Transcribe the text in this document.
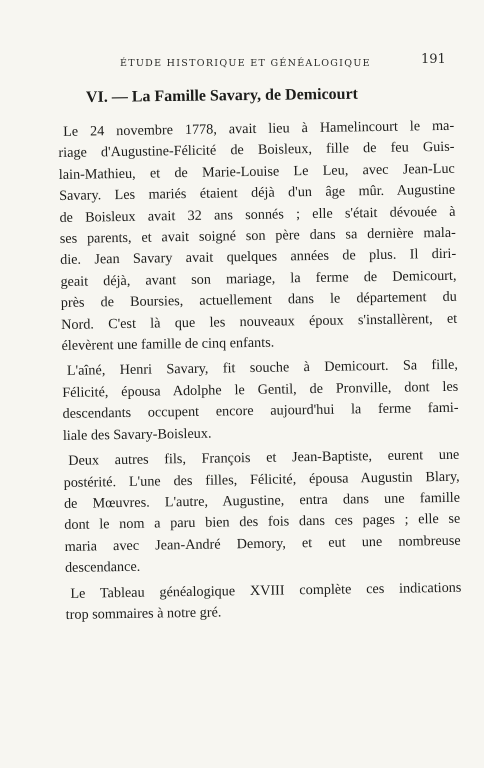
ÉTUDE HISTORIQUE ET GÉNÉALOGIQUE	191
VI. — La Famille Savary, de Demicourt
Le 24 novembre 1778, avait lieu à Hamelincourt le ma-
riage d'Augustine-Félicité de Boisleux, fille de feu Guis-
lain-Mathieu, et de Marie-Louise Le Leu, avec Jean-Luc
Savary. Les mariés étaient déjà d'un âge mûr. Augustine
de Boisleux avait 32 ans sonnés ; elle s'était dévouée à
ses parents, et avait soigné son père dans sa dernière mala-
die. Jean Savary avait quelques années de plus. Il diri-
geait déjà, avant son mariage, la ferme de Demicourt,
près de Boursies, actuellement dans le département du
Nord. C'est là que les nouveaux époux s'installèrent, et
élevèrent une famille de cinq enfants.
L'aîné, Henri Savary, fit souche à Demicourt. Sa fille,
Félicité, épousa Adolphe le Gentil, de Pronville, dont les
descendants occupent encore aujourd'hui la ferme fami-
liale des Savary-Boisleux.
Deux autres fils, François et Jean-Baptiste, eurent une
postérité. L'une des filles, Félicité, épousa Augustin Blary,
de Mœuvres. L'autre, Augustine, entra dans une famille
dont le nom a paru bien des fois dans ces pages ; elle se
maria avec Jean-André Demory, et eut une nombreuse
descendance.
Le Tableau généalogique XVIII complète ces indications
trop sommaires à notre gré.
